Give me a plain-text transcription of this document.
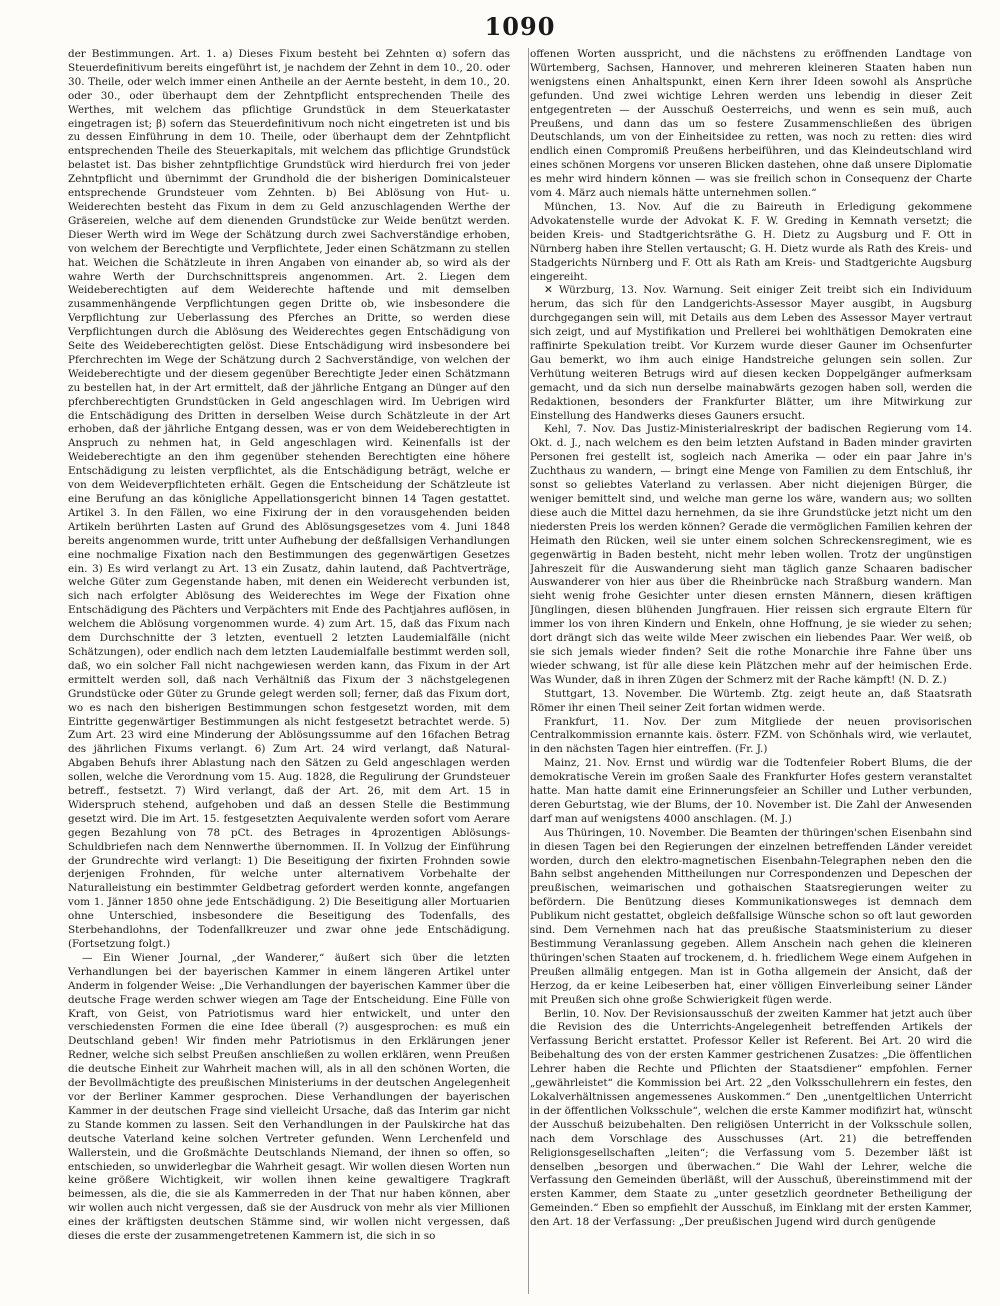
1090

der Bestimmungen. Art. 1. a) Dieses Fixum besteht bei Zehnten α) sofern das Steuerdefinitivum bereits eingeführt ist, je nachdem der Zehnt in dem 10., 20. oder 30. Theile, oder welch immer einen Antheile an der Aernte besteht, in dem 10., 20. oder 30., oder überhaupt dem der Zehntpflicht entsprechenden Theile des Werthes, mit welchem das pflichtige Grundstück in dem Steuerkataster eingetragen ist; β) sofern das Steuerdefinitivum noch nicht eingetreten ist und bis zu dessen Einführung in dem 10. Theile, oder überhaupt dem der Zehntpflicht entsprechenden Theile des Steuerkapitals, mit welchem das pflichtige Grundstück belastet ist. Das bisher zehntpflichtige Grundstück wird hierdurch frei von jeder Zehntpflicht und übernimmt der Grundhold die der bisherigen Dominicalsteuer entsprechende Grundsteuer vom Zehnten. b) Bei Ablösung von Hut- u. Weiderechten besteht das Fixum in dem zu Geld anzuschlagenden Werthe der Gräsereien, welche auf dem dienenden Grundstücke zur Weide benützt werden. Dieser Werth wird im Wege der Schätzung durch zwei Sachverständige erhoben, von welchem der Berechtigte und Verpflichtete, Jeder einen Schätzmann zu stellen hat. Weichen die Schätzleute in ihren Angaben von einander ab, so wird als der wahre Werth der Durchschnittspreis angenommen. Art. 2. Liegen dem Weideberechtigten auf dem Weiderechte haftende und mit demselben zusammenhängende Verpflichtungen gegen Dritte ob, wie insbesondere die Verpflichtung zur Ueberlassung des Pferches an Dritte, so werden diese Verpflichtungen durch die Ablösung des Weiderechtes gegen Entschädigung von Seite des Weideberechtigten gelöst. Diese Entschädigung wird insbesondere bei Pferchrechten im Wege der Schätzung durch 2 Sachverständige, von welchen der Weideberechtigte und der diesem gegenüber Berechtigte Jeder einen Schätzmann zu bestellen hat, in der Art ermittelt, daß der jährliche Entgang an Dünger auf den pferchberechtigten Grundstücken in Geld angeschlagen wird. Im Uebrigen wird die Entschädigung des Dritten in derselben Weise durch Schätzleute in der Art erhoben, daß der jährliche Entgang dessen, was er von dem Weideberechtigten in Anspruch zu nehmen hat, in Geld angeschlagen wird. Keinenfalls ist der Weideberechtigte an den ihm gegenüber stehenden Berechtigten eine höhere Entschädigung zu leisten verpflichtet, als die Entschädigung beträgt, welche er von dem Weideverpflichteten erhält. Gegen die Entscheidung der Schätzleute ist eine Berufung an das königliche Appellationsgericht binnen 14 Tagen gestattet. Artikel 3. In den Fällen, wo eine Fixirung der in den vorausgehenden beiden Artikeln berührten Lasten auf Grund des Ablösungsgesetzes vom 4. Juni 1848 bereits angenommen wurde, tritt unter Aufhebung der deßfallsigen Verhandlungen eine nochmalige Fixation nach den Bestimmungen des gegenwärtigen Gesetzes ein. 3) Es wird verlangt zu Art. 13 ein Zusatz, dahin lautend, daß Pachtverträge, welche Güter zum Gegenstande haben, mit denen ein Weiderecht verbunden ist, sich nach erfolgter Ablösung des Weiderechtes im Wege der Fixation ohne Entschädigung des Pächters und Verpächters mit Ende des Pachtjahres auflösen, in welchem die Ablösung vorgenommen wurde. 4) zum Art. 15, daß das Fixum nach dem Durchschnitte der 3 letzten, eventuell 2 letzten Laudemialfälle (nicht Schätzungen), oder endlich nach dem letzten Laudemialfalle bestimmt werden soll, daß, wo ein solcher Fall nicht nachgewiesen werden kann, das Fixum in der Art ermittelt werden soll, daß nach Verhältniß das Fixum der 3 nächstgelegenen Grundstücke oder Güter zu Grunde gelegt werden soll; ferner, daß das Fixum dort, wo es nach den bisherigen Bestimmungen schon festgesetzt worden, mit dem Eintritte gegenwärtiger Bestimmungen als nicht festgesetzt betrachtet werde. 5) Zum Art. 23 wird eine Minderung der Ablösungssumme auf den 16fachen Betrag des jährlichen Fixums verlangt. 6) Zum Art. 24 wird verlangt, daß Natural-Abgaben Behufs ihrer Ablastung nach den Sätzen zu Geld angeschlagen werden sollen, welche die Verordnung vom 15. Aug. 1828, die Regulirung der Grundsteuer betreff., festsetzt. 7) Wird verlangt, daß der Art. 26, mit dem Art. 15 in Widerspruch stehend, aufgehoben und daß an dessen Stelle die Bestimmung gesetzt wird. Die im Art. 15. festgesetzten Aequivalente werden sofort vom Aerare gegen Bezahlung von 78 pCt. des Betrages in 4prozentigen Ablösungs-Schuldbriefen nach dem Nennwerthe übernommen. II. In Vollzug der Einführung der Grundrechte wird verlangt: 1) Die Beseitigung der fixirten Frohnden sowie derjenigen Frohnden, für welche unter alternativem Vorbehalte der Naturalleistung ein bestimmter Geldbetrag gefordert werden konnte, angefangen vom 1. Jänner 1850 ohne jede Entschädigung. 2) Die Beseitigung aller Mortuarien ohne Unterschied, insbesondere die Beseitigung des Todenfalls, des Sterbehandlohns, der Todenfallkreuzer und zwar ohne jede Entschädigung. (Fortsetzung folgt.)

— Ein Wiener Journal, „der Wanderer,“ äußert sich über die letzten Verhandlungen bei der bayerischen Kammer in einem längeren Artikel unter Anderm in folgender Weise: „Die Verhandlungen der bayerischen Kammer über die deutsche Frage werden schwer wiegen am Tage der Entscheidung. Eine Fülle von Kraft, von Geist, von Patriotismus ward hier entwickelt, und unter den verschiedensten Formen die eine Idee überall (?) ausgesprochen: es muß ein Deutschland geben! Wir finden mehr Patriotismus in den Erklärungen jener Redner, welche sich selbst Preußen anschließen zu wollen erklären, wenn Preußen die deutsche Einheit zur Wahrheit machen will, als in all den schönen Worten, die der Bevollmächtigte des preußischen Ministeriums in der deutschen Angelegenheit vor der Berliner Kammer gesprochen. Diese Verhandlungen der bayerischen Kammer in der deutschen Frage sind vielleicht Ursache, daß das Interim gar nicht zu Stande kommen zu lassen. Seit den Verhandlungen in der Paulskirche hat das deutsche Vaterland keine solchen Vertreter gefunden. Wenn Lerchenfeld und Wallerstein, und die Großmächte Deutschlands Niemand, der ihnen so offen, so entschieden, so unwiderlegbar die Wahrheit gesagt. Wir wollen diesen Worten nun keine größere Wichtigkeit, wir wollen ihnen keine gewaltigere Tragkraft beimessen, als die, die sie als Kammerreden in der That nur haben können, aber wir wollen auch nicht vergessen, daß sie der Ausdruck von mehr als vier Millionen eines der kräftigsten deutschen Stämme sind, wir wollen nicht vergessen, daß dieses die erste der zusammengetretenen Kammern ist, die sich in so

offenen Worten ausspricht, und die nächstens zu eröffnenden Landtage von Würtemberg, Sachsen, Hannover, und mehreren kleineren Staaten haben nun wenigstens einen Anhaltspunkt, einen Kern ihrer Ideen sowohl als Ansprüche gefunden. Und zwei wichtige Lehren werden uns lebendig in dieser Zeit entgegentreten — der Ausschuß Oesterreichs, und wenn es sein muß, auch Preußens, und dann das um so festere Zusammenschließen des übrigen Deutschlands, um von der Einheitsidee zu retten, was noch zu retten: dies wird endlich einen Compromiß Preußens herbeiführen, und das Kleindeutschland wird eines schönen Morgens vor unseren Blicken dastehen, ohne daß unsere Diplomatie es mehr wird hindern können — was sie freilich schon in Consequenz der Charte vom 4. März auch niemals hätte unternehmen sollen.“

München, 13. Nov. Auf die zu Baireuth in Erledigung gekommene Advokatenstelle wurde der Advokat K. F. W. Greding in Kemnath versetzt; die beiden Kreis- und Stadtgerichtsräthe G. H. Dietz zu Augsburg und F. Ott in Nürnberg haben ihre Stellen vertauscht; G. H. Dietz wurde als Rath des Kreis- und Stadgerichts Nürnberg und F. Ott als Rath am Kreis- und Stadtgerichte Augsburg eingereiht.

✕ Würzburg, 13. Nov. Warnung. Seit einiger Zeit treibt sich ein Individuum herum, das sich für den Landgerichts-Assessor Mayer ausgibt, in Augsburg durchgegangen sein will, mit Details aus dem Leben des Assessor Mayer vertraut sich zeigt, und auf Mystifikation und Prellerei bei wohlthätigen Demokraten eine raffinirte Spekulation treibt. Vor Kurzem wurde dieser Gauner im Ochsenfurter Gau bemerkt, wo ihm auch einige Handstreiche gelungen sein sollen. Zur Verhütung weiteren Betrugs wird auf diesen kecken Doppelgänger aufmerksam gemacht, und da sich nun derselbe mainabwärts gezogen haben soll, werden die Redaktionen, besonders der Frankfurter Blätter, um ihre Mitwirkung zur Einstellung des Handwerks dieses Gauners ersucht.

Kehl, 7. Nov. Das Justiz-Ministerialreskript der badischen Regierung vom 14. Okt. d. J., nach welchem es den beim letzten Aufstand in Baden minder gravirten Personen frei gestellt ist, sogleich nach Amerika — oder ein paar Jahre in's Zuchthaus zu wandern, — bringt eine Menge von Familien zu dem Entschluß, ihr sonst so geliebtes Vaterland zu verlassen. Aber nicht diejenigen Bürger, die weniger bemittelt sind, und welche man gerne los wäre, wandern aus; wo sollten diese auch die Mittel dazu hernehmen, da sie ihre Grundstücke jetzt nicht um den niedersten Preis los werden können? Gerade die vermöglichen Familien kehren der Heimath den Rücken, weil sie unter einem solchen Schreckensregiment, wie es gegenwärtig in Baden besteht, nicht mehr leben wollen. Trotz der ungünstigen Jahreszeit für die Auswanderung sieht man täglich ganze Schaaren badischer Auswanderer von hier aus über die Rheinbrücke nach Straßburg wandern. Man sieht wenig frohe Gesichter unter diesen ernsten Männern, diesen kräftigen Jünglingen, diesen blühenden Jungfrauen. Hier reissen sich ergraute Eltern für immer los von ihren Kindern und Enkeln, ohne Hoffnung, je sie wieder zu sehen; dort drängt sich das weite wilde Meer zwischen ein liebendes Paar. Wer weiß, ob sie sich jemals wieder finden? Seit die rothe Monarchie ihre Fahne über uns wieder schwang, ist für alle diese kein Plätzchen mehr auf der heimischen Erde. Was Wunder, daß in ihren Zügen der Schmerz mit der Rache kämpft! (N. D. Z.)

Stuttgart, 13. November. Die Würtemb. Ztg. zeigt heute an, daß Staatsrath Römer ihr einen Theil seiner Zeit fortan widmen werde.

Frankfurt, 11. Nov. Der zum Mitgliede der neuen provisorischen Centralkommission ernannte kais. österr. FZM. von Schönhals wird, wie verlautet, in den nächsten Tagen hier eintreffen. (Fr. J.)

Mainz, 21. Nov. Ernst und würdig war die Todtenfeier Robert Blums, die der demokratische Verein im großen Saale des Frankfurter Hofes gestern veranstaltet hatte. Man hatte damit eine Erinnerungsfeier an Schiller und Luther verbunden, deren Geburtstag, wie der Blums, der 10. November ist. Die Zahl der Anwesenden darf man auf wenigstens 4000 anschlagen. (M. J.)

Aus Thüringen, 10. November. Die Beamten der thüringen'schen Eisenbahn sind in diesen Tagen bei den Regierungen der einzelnen betreffenden Länder vereidet worden, durch den elektro-magnetischen Eisenbahn-Telegraphen neben den die Bahn selbst angehenden Mittheilungen nur Correspondenzen und Depeschen der preußischen, weimarischen und gothaischen Staatsregierungen weiter zu befördern. Die Benützung dieses Kommunikationsweges ist demnach dem Publikum nicht gestattet, obgleich deßfallsige Wünsche schon so oft laut geworden sind. Dem Vernehmen nach hat das preußische Staatsministerium zu dieser Bestimmung Veranlassung gegeben. Allem Anschein nach gehen die kleineren thüringen'schen Staaten auf trockenem, d. h. friedlichem Wege einem Aufgehen in Preußen allmälig entgegen. Man ist in Gotha allgemein der Ansicht, daß der Herzog, da er keine Leibeserben hat, einer völligen Einverleibung seiner Länder mit Preußen sich ohne große Schwierigkeit fügen werde.

Berlin, 10. Nov. Der Revisionsausschuß der zweiten Kammer hat jetzt auch über die Revision des die Unterrichts-Angelegenheit betreffenden Artikels der Verfassung Bericht erstattet. Professor Keller ist Referent. Bei Art. 20 wird die Beibehaltung des von der ersten Kammer gestrichenen Zusatzes: „Die öffentlichen Lehrer haben die Rechte und Pflichten der Staatsdiener“ empfohlen. Ferner „gewährleistet“ die Kommission bei Art. 22 „den Volksschullehrern ein festes, den Lokalverhältnissen angemessenes Auskommen.“ Den „unentgeltlichen Unterricht in der öffentlichen Volksschule“, welchen die erste Kammer modifizirt hat, wünscht der Ausschuß beizubehalten. Den religiösen Unterricht in der Volksschule sollen, nach dem Vorschlage des Ausschusses (Art. 21) die betreffenden Religionsgesellschaften „leiten“; die Verfassung vom 5. Dezember läßt ist denselben „besorgen und überwachen.“ Die Wahl der Lehrer, welche die Verfassung den Gemeinden überläßt, will der Ausschuß, übereinstimmend mit der ersten Kammer, dem Staate zu „unter gesetzlich geordneter Betheiligung der Gemeinden.“ Eben so empfiehlt der Ausschuß, im Einklang mit der ersten Kammer, den Art. 18 der Verfassung: „Der preußischen Jugend wird durch genügende
